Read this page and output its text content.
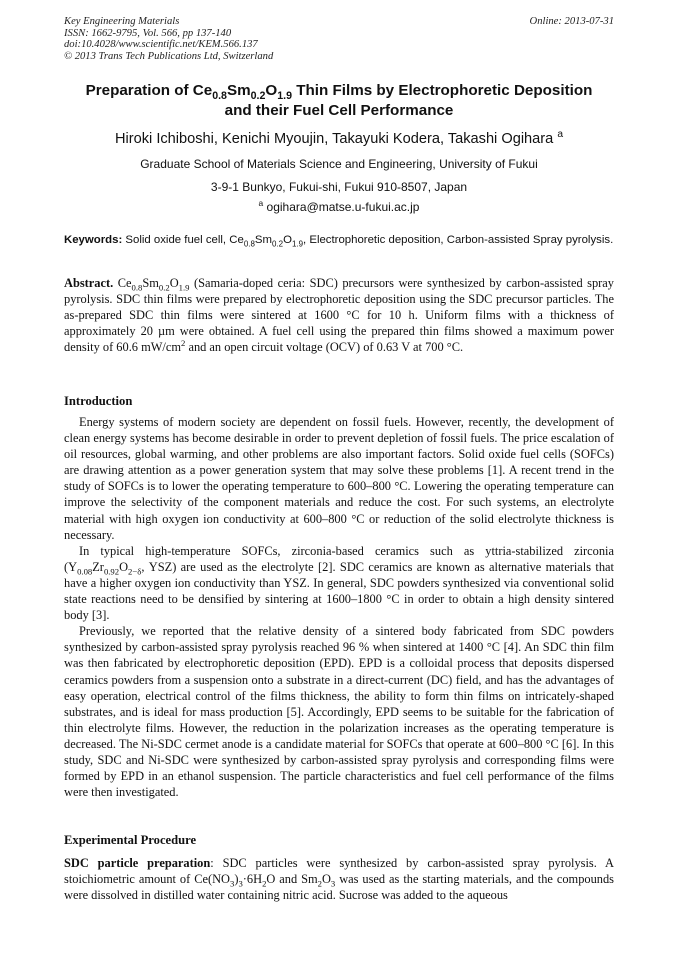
Key Engineering Materials
ISSN: 1662-9795, Vol. 566, pp 137-140
doi:10.4028/www.scientific.net/KEM.566.137
© 2013 Trans Tech Publications Ltd, Switzerland
Online: 2013-07-31
Preparation of $Ce_{0.8}Sm_{0.2}O_{1.9}$ Thin Films by Electrophoretic Deposition
and their Fuel Cell Performance
Hiroki Ichiboshi, Kenichi Myoujin, Takayuki Kodera, Takashi Ogihara $^a$
Graduate School of Materials Science and Engineering, University of Fukui
3-9-1 Bunkyo, Fukui-shi, Fukui 910-8507, Japan
$^a$ ogihara@matse.u-fukui.ac.jp
Keywords: Solid oxide fuel cell, $Ce_{0.8}Sm_{0.2}O_{1.9}$, Electrophoretic deposition, Carbon-assisted Spray pyrolysis.

Abstract. $Ce_{0.8}Sm_{0.2}O_{1.9}$ (Samaria-doped ceria: SDC) precursors were synthesized by carbon-assisted spray pyrolysis. SDC thin films were prepared by electrophoretic deposition using the SDC precursor particles. The as-prepared SDC thin films were sintered at 1600 °C for 10 h. Uniform films with a thickness of approximately 20 µm were obtained. A fuel cell using the prepared thin films showed a maximum power density of 60.6 $mW/cm^2$ and an open circuit voltage (OCV) of 0.63 V at 700 °C.

Introduction

Energy systems of modern society are dependent on fossil fuels. However, recently, the development of clean energy systems has become desirable in order to prevent depletion of fossil fuels. The price escalation of oil resources, global warming, and other problems are also important factors. Solid oxide fuel cells (SOFCs) are drawing attention as a power generation system that may solve these problems [1]. A recent trend in the study of SOFCs is to lower the operating temperature to 600–800 °C. Lowering the operating temperature can improve the selectivity of the component materials and reduce the cost. For such systems, an electrolyte material with high oxygen ion conductivity at 600–800 °C or reduction of the solid electrolyte thickness is necessary.

In typical high-temperature SOFCs, zirconia-based ceramics such as yttria-stabilized zirconia ($Y_{0.08}Zr_{0.92}O_{2-\delta}$, YSZ) are used as the electrolyte [2]. SDC ceramics are known as alternative materials that have a higher oxygen ion conductivity than YSZ. In general, SDC powders synthesized via conventional solid state reactions need to be densified by sintering at 1600–1800 °C in order to obtain a high density sintered body [3].

Previously, we reported that the relative density of a sintered body fabricated from SDC powders synthesized by carbon-assisted spray pyrolysis reached 96 % when sintered at 1400 °C [4]. An SDC thin film was then fabricated by electrophoretic deposition (EPD). EPD is a colloidal process that deposits dispersed ceramics powders from a suspension onto a substrate in a direct-current (DC) field, and has the advantages of easy operation, electrical control of the films thickness, the ability to form thin films on intricately-shaped substrates, and is ideal for mass production [5]. Accordingly, EPD seems to be suitable for the fabrication of thin electrolyte films. However, the reduction in the polarization increases as the operating temperature is decreased. The Ni-SDC cermet anode is a candidate material for SOFCs that operate at 600–800 °C [6]. In this study, SDC and Ni-SDC were synthesized by carbon-assisted spray pyrolysis and corresponding films were formed by EPD in an ethanol suspension. The particle characteristics and fuel cell performance of the films were then investigated.

Experimental Procedure

SDC particle preparation: SDC particles were synthesized by carbon-assisted spray pyrolysis. A stoichiometric amount of $Ce(NO_3)_3\cdot 6H_2O$ and $Sm_2O_3$ was used as the starting materials, and the compounds were dissolved in distilled water containing nitric acid. Sucrose was added to the aqueous
